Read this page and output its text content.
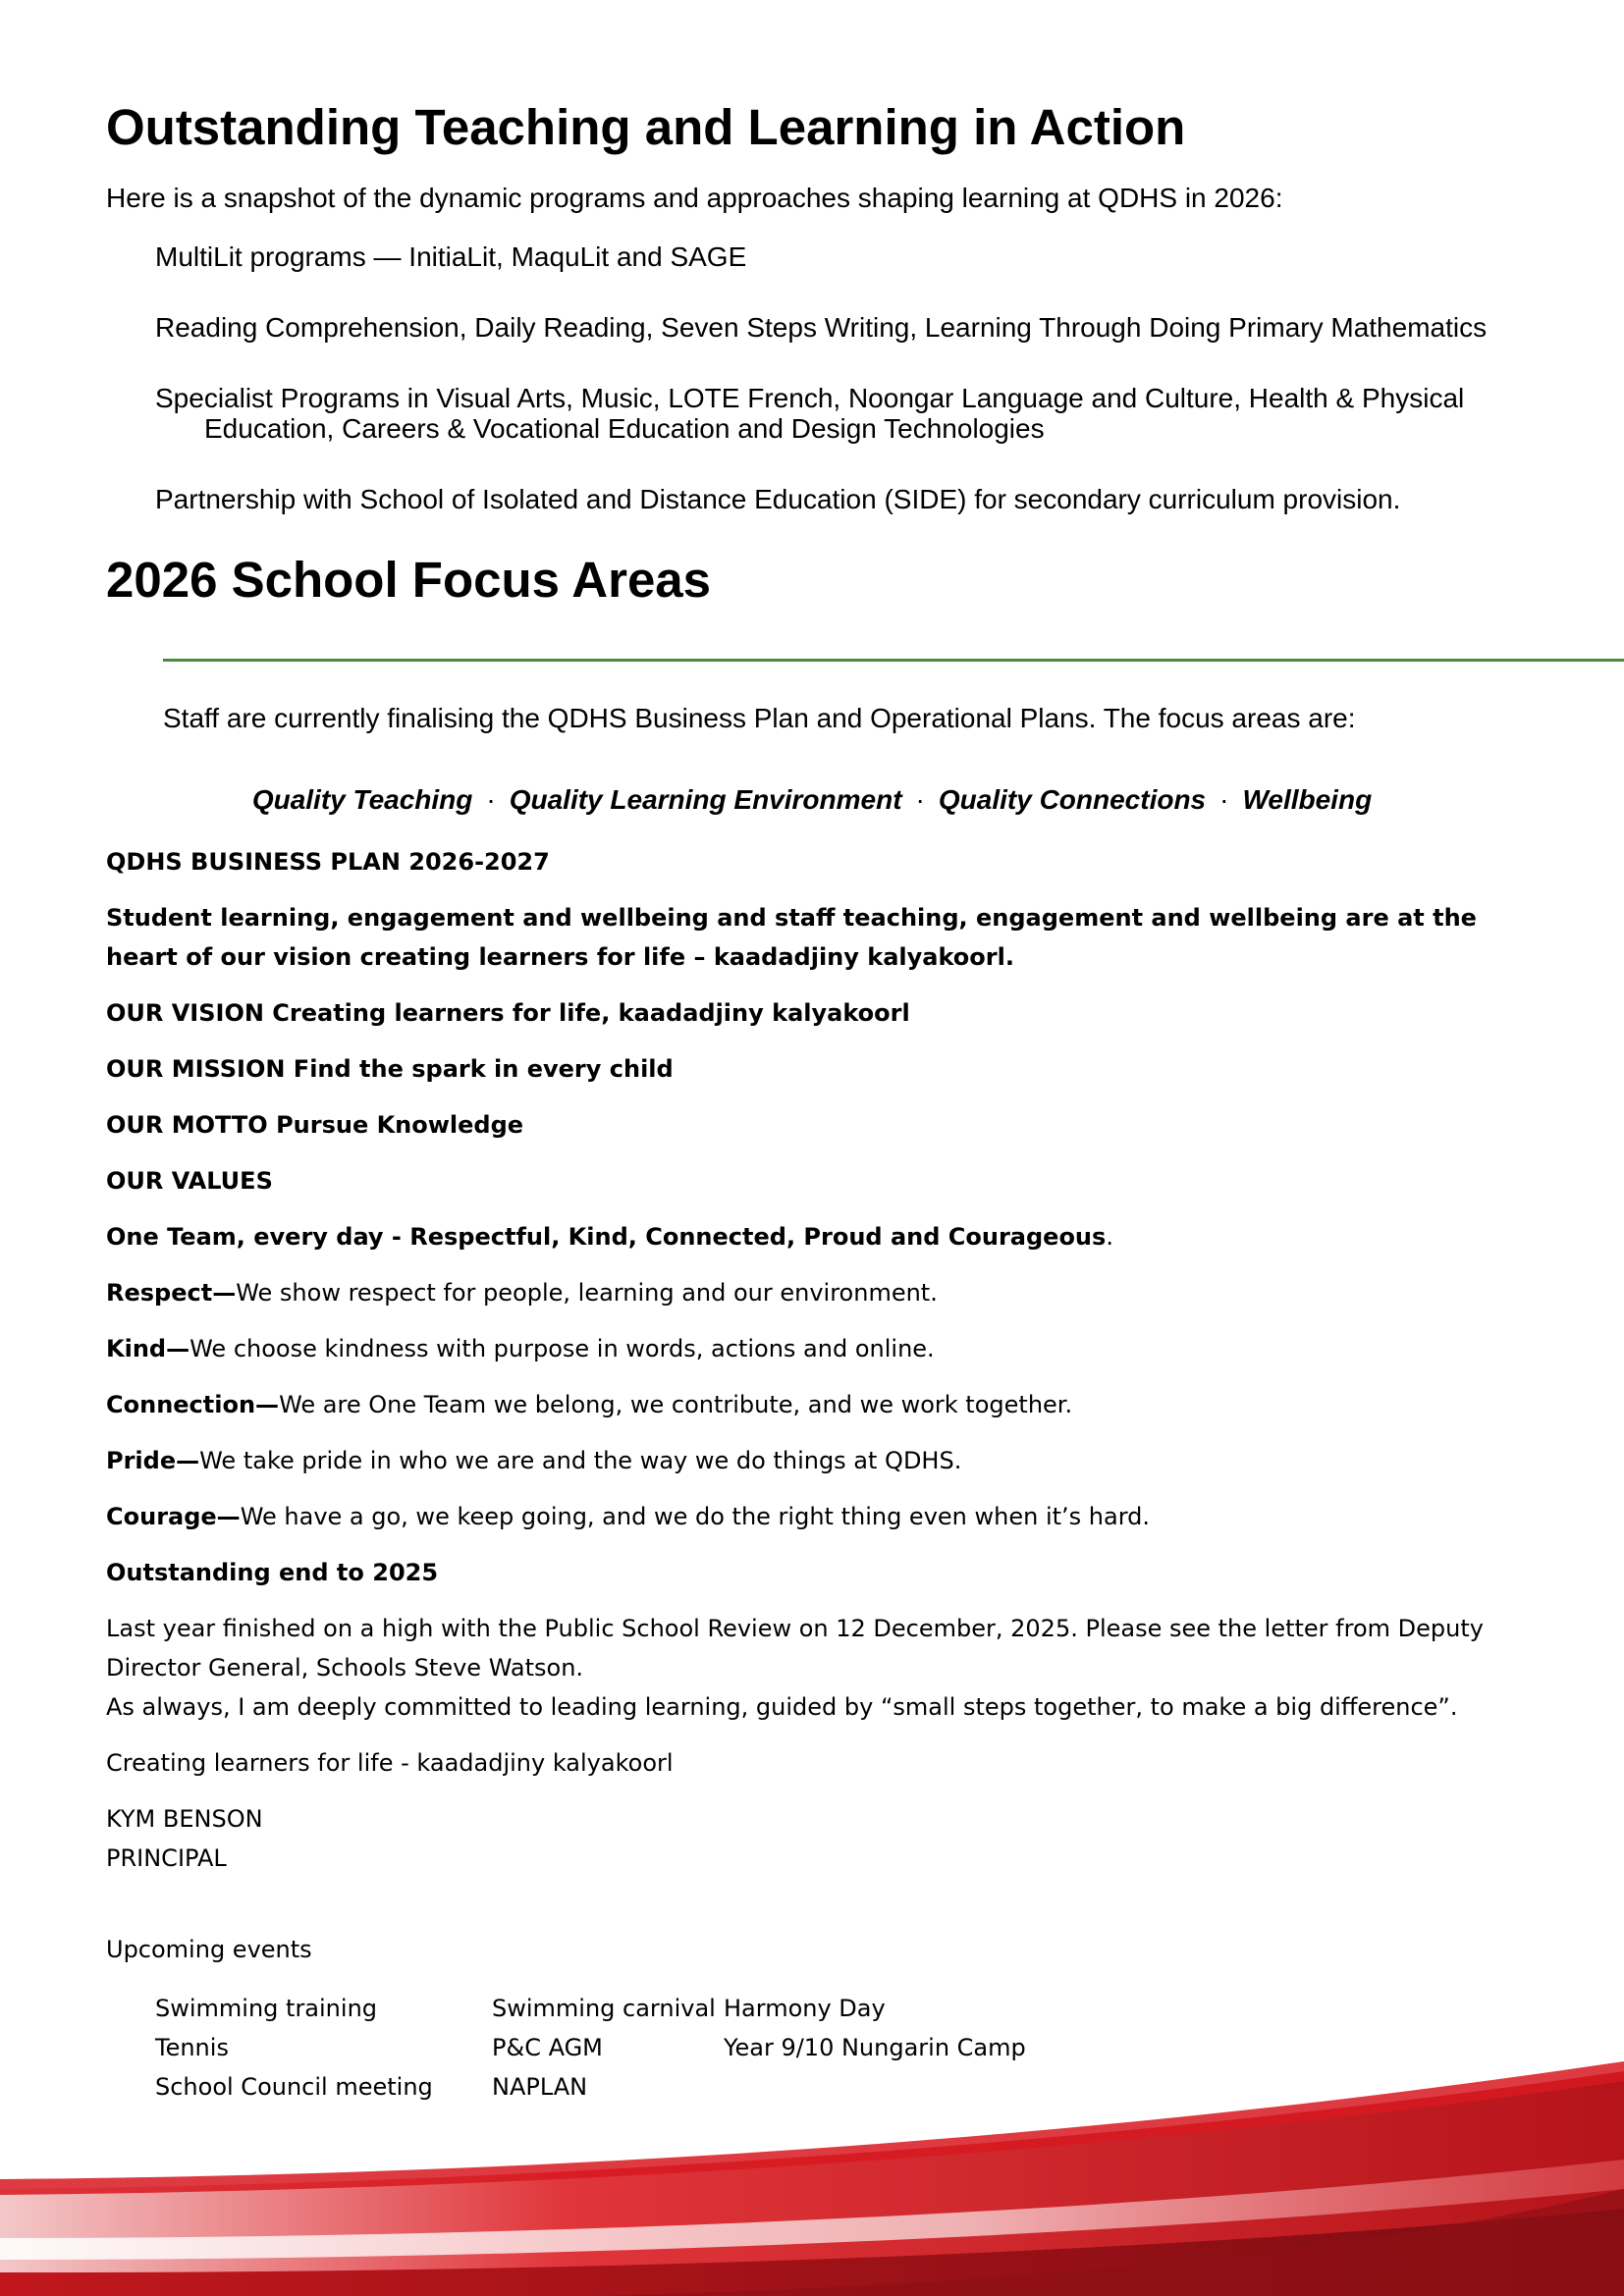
Outstanding Teaching and Learning in Action

Here is a snapshot of the dynamic programs and approaches shaping learning at QDHS in 2026:

MultiLit programs — InitiaLit, MaquLit and SAGE

Reading Comprehension, Daily Reading, Seven Steps Writing, Learning Through Doing Primary Mathematics

Specialist Programs in Visual Arts, Music, LOTE French, Noongar Language and Culture, Health & Physical
Education, Careers & Vocational Education and Design Technologies

Partnership with School of Isolated and Distance Education (SIDE) for secondary curriculum provision.

2026 School Focus Areas

Staff are currently finalising the QDHS Business Plan and Operational Plans. The focus areas are:

Quality Teaching · Quality Learning Environment · Quality Connections · Wellbeing

QDHS BUSINESS PLAN 2026-2027

Student learning, engagement and wellbeing and staff teaching, engagement and wellbeing are at the heart of our vision creating learners for life – kaadadjiny kalyakoorl.

OUR VISION Creating learners for life, kaadadjiny kalyakoorl

OUR MISSION Find the spark in every child

OUR MOTTO Pursue Knowledge

OUR VALUES

One Team, every day - Respectful, Kind, Connected, Proud and Courageous.

Respect—We show respect for people, learning and our environment.

Kind—We choose kindness with purpose in words, actions and online.

Connection—We are One Team we belong, we contribute, and we work together.

Pride—We take pride in who we are and the way we do things at QDHS.

Courage—We have a go, we keep going, and we do the right thing even when it’s hard.

Outstanding end to 2025

Last year finished on a high with the Public School Review on 12 December, 2025. Please see the letter from Deputy Director General, Schools Steve Watson.
As always, I am deeply committed to leading learning, guided by “small steps together, to make a big difference”.

Creating learners for life - kaadadjiny kalyakoorl

KYM BENSON
PRINCIPAL

Upcoming events

Swimming training	Swimming carnival	Harmony Day
Tennis	P&C AGM	Year 9/10 Nungarin Camp
School Council meeting	NAPLAN	
